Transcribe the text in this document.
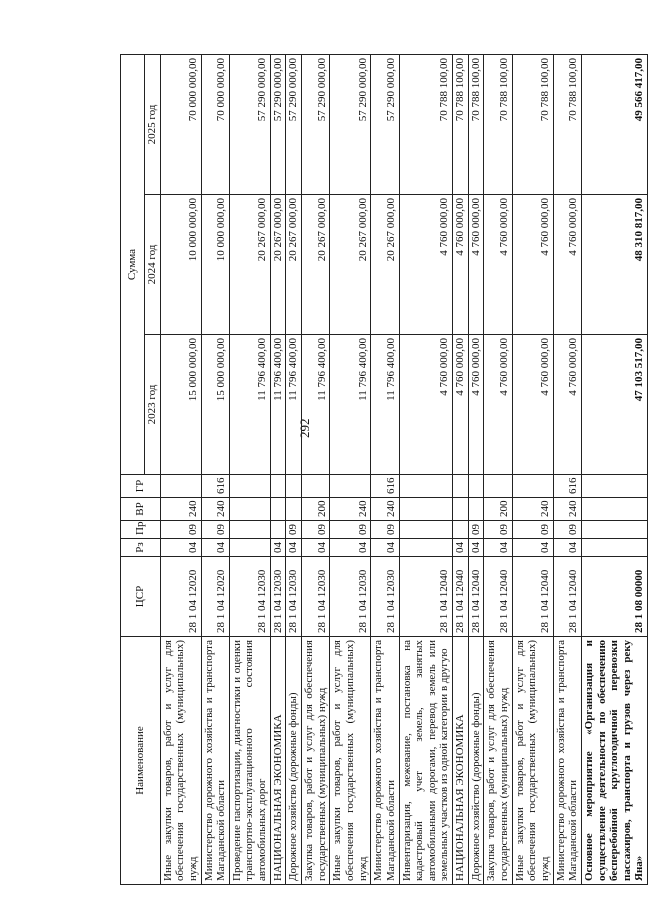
292
Наименование	ЦСР	Рз	Пр	ВР	ГР	Сумма		
						2023 год	2024 год	2025 год
Иные закупки товаров, работ и услуг для обеспечения государственных (муниципальных) нужд	28 1 04 12020	04	09	240		15 000 000,00	10 000 000,00	70 000 000,00
Министерство дорожного хозяйства и транспорта Магаданской области	28 1 04 12020	04	09	240	616	15 000 000,00	10 000 000,00	70 000 000,00
Проведение паспортизации, диагностики и оценки транспортно-эксплуатационного состояния автомобильных дорог	28 1 04 12030					11 796 400,00	20 267 000,00	57 290 000,00
НАЦИОНАЛЬНАЯ ЭКОНОМИКА	28 1 04 12030	04				11 796 400,00	20 267 000,00	57 290 000,00
Дорожное хозяйство (дорожные фонды)	28 1 04 12030	04	09			11 796 400,00	20 267 000,00	57 290 000,00
Закупка товаров, работ и услуг для обеспечения государственных (муниципальных) нужд	28 1 04 12030	04	09	200		11 796 400,00	20 267 000,00	57 290 000,00
Иные закупки товаров, работ и услуг для обеспечения государственных (муниципальных) нужд	28 1 04 12030	04	09	240		11 796 400,00	20 267 000,00	57 290 000,00
Министерство дорожного хозяйства и транспорта Магаданской области	28 1 04 12030	04	09	240	616	11 796 400,00	20 267 000,00	57 290 000,00
Инвентаризация, межевание, постановка на кадастровый учет земель, занятых автомобильными дорогами, перевод земель или земельных участков из одной категории в другую	28 1 04 12040					4 760 000,00	4 760 000,00	70 788 100,00
НАЦИОНАЛЬНАЯ ЭКОНОМИКА	28 1 04 12040	04				4 760 000,00	4 760 000,00	70 788 100,00
Дорожное хозяйство (дорожные фонды)	28 1 04 12040	04	09			4 760 000,00	4 760 000,00	70 788 100,00
Закупка товаров, работ и услуг для обеспечения государственных (муниципальных) нужд	28 1 04 12040	04	09	200		4 760 000,00	4 760 000,00	70 788 100,00
Иные закупки товаров, работ и услуг для обеспечения государственных (муниципальных) нужд	28 1 04 12040	04	09	240		4 760 000,00	4 760 000,00	70 788 100,00
Министерство дорожного хозяйства и транспорта Магаданской области	28 1 04 12040	04	09	240	616	4 760 000,00	4 760 000,00	70 788 100,00
Основное мероприятие «Организация и осуществление деятельности по обеспечению бесперебойной круглогодичной перевозки пассажиров, транспорта и грузов через реку Яна»	28 1 08 00000					47 103 517,00	48 310 817,00	49 566 417,00
